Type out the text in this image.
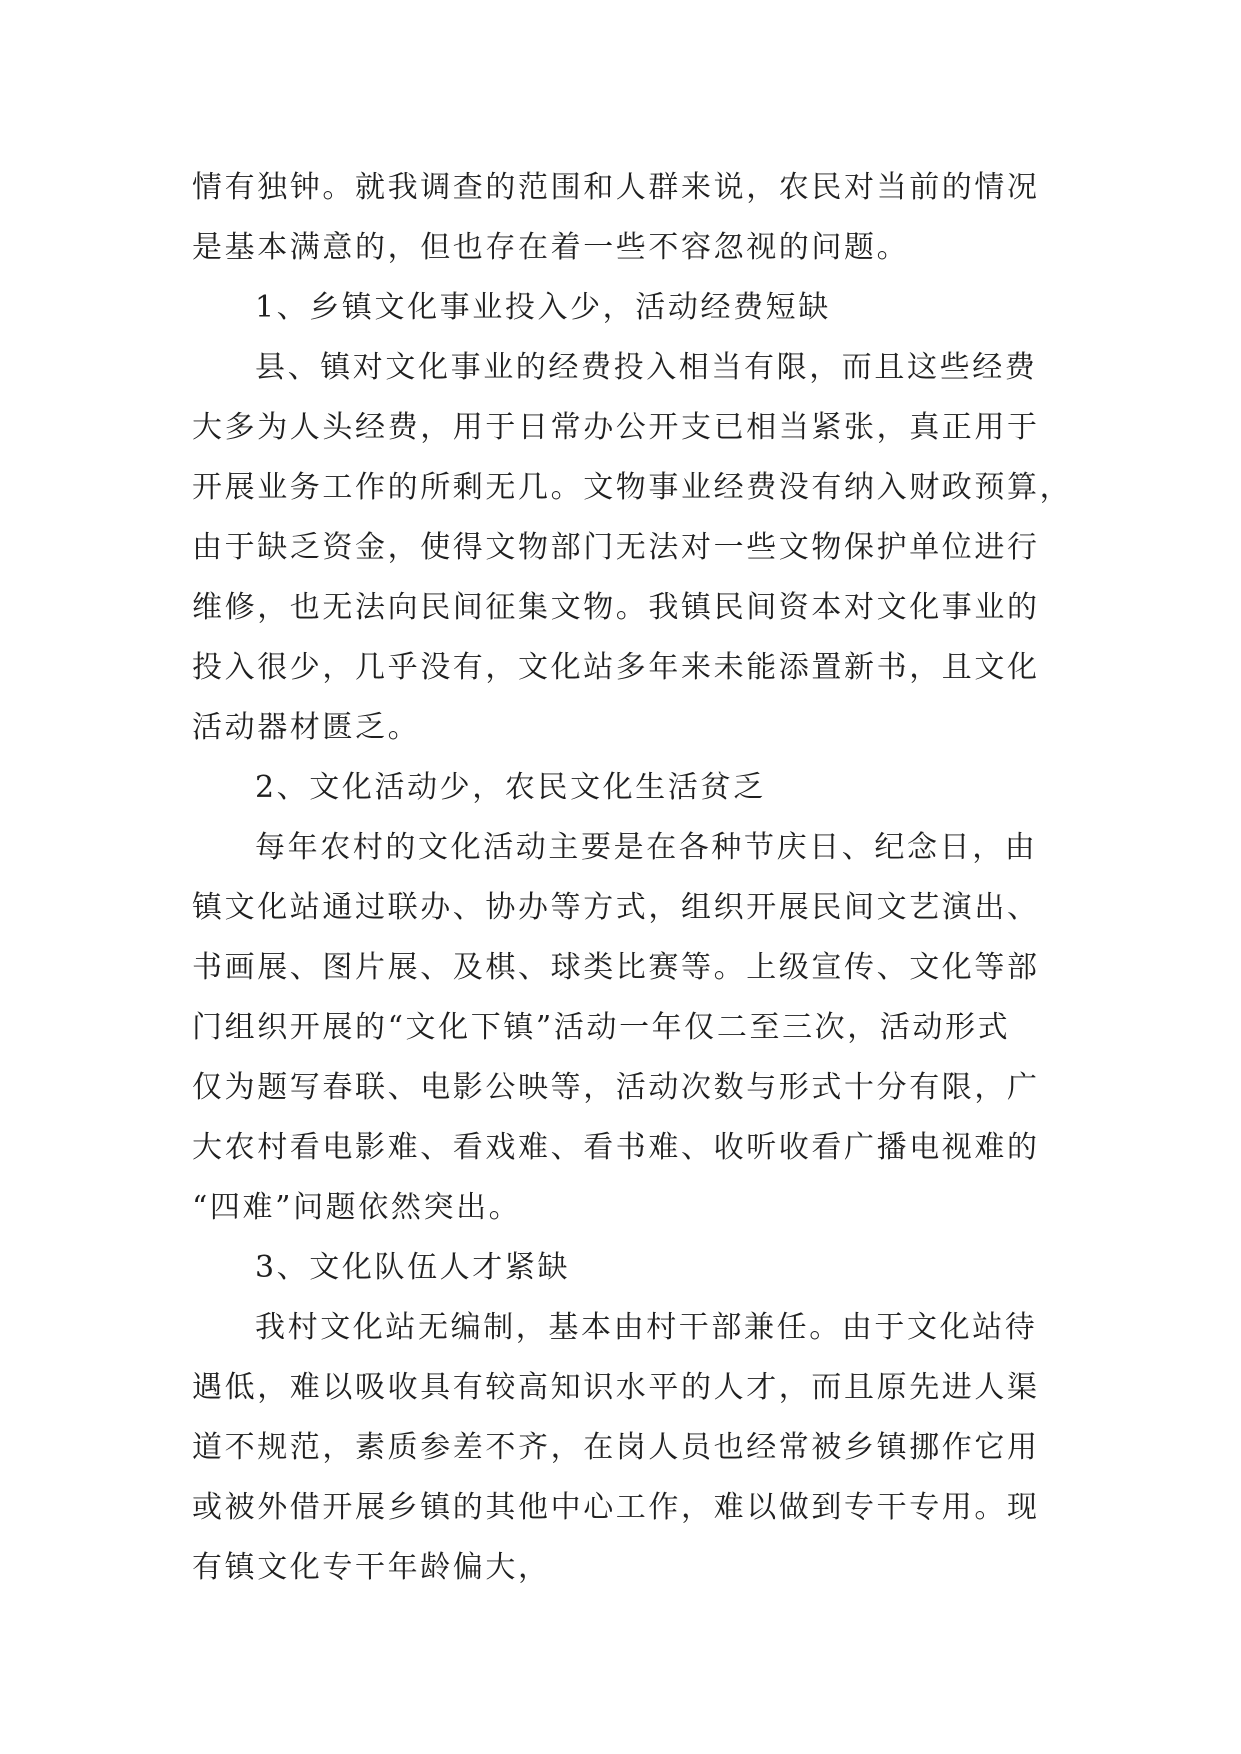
情有独钟。就我调查的范围和人群来说，农民对当前的情况
是基本满意的，但也存在着一些不容忽视的问题。
1、乡镇文化事业投入少，活动经费短缺
县、镇对文化事业的经费投入相当有限，而且这些经费
大多为人头经费，用于日常办公开支已相当紧张，真正用于
开展业务工作的所剩无几。文物事业经费没有纳入财政预算，
由于缺乏资金，使得文物部门无法对一些文物保护单位进行
维修，也无法向民间征集文物。我镇民间资本对文化事业的
投入很少，几乎没有，文化站多年来未能添置新书，且文化
活动器材匮乏。
2、文化活动少，农民文化生活贫乏
每年农村的文化活动主要是在各种节庆日、纪念日，由
镇文化站通过联办、协办等方式，组织开展民间文艺演出、
书画展、图片展、及棋、球类比赛等。上级宣传、文化等部
门组织开展的“文化下镇”活动一年仅二至三次，活动形式
仅为题写春联、电影公映等，活动次数与形式十分有限，广
大农村看电影难、看戏难、看书难、收听收看广播电视难的
“四难”问题依然突出。
3、文化队伍人才紧缺
我村文化站无编制，基本由村干部兼任。由于文化站待
遇低，难以吸收具有较高知识水平的人才，而且原先进人渠
道不规范，素质参差不齐，在岗人员也经常被乡镇挪作它用
或被外借开展乡镇的其他中心工作，难以做到专干专用。现
有镇文化专干年龄偏大，
